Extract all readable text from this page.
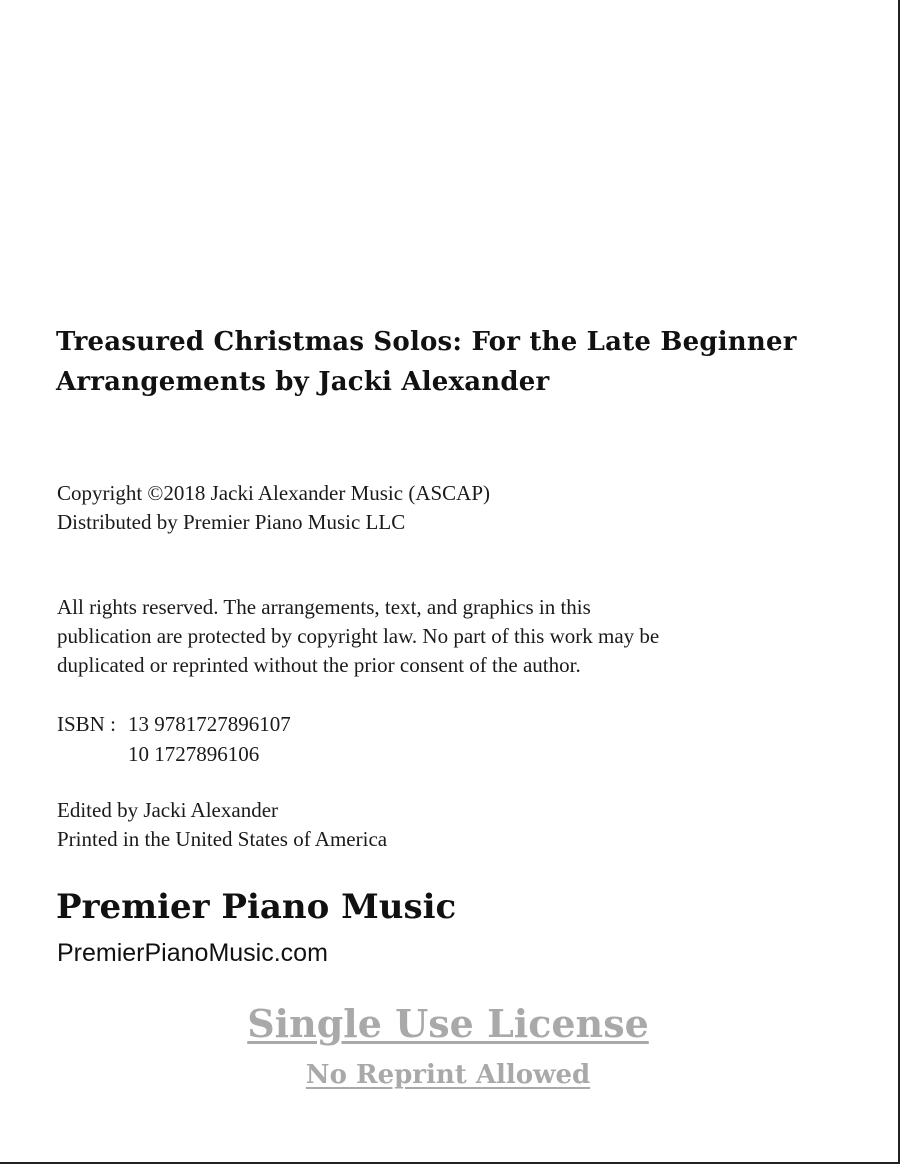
Treasured Christmas Solos: For the Late Beginner
Arrangements by Jacki Alexander
Copyright ©2018 Jacki Alexander Music (ASCAP)
Distributed by Premier Piano Music LLC
All rights reserved. The arrangements, text, and graphics in this
publication are protected by copyright law. No part of this work may be
duplicated or reprinted without the prior consent of the author.
ISBN : 13 9781727896107
10 1727896106
Edited by Jacki Alexander
Printed in the United States of America
Premier Piano Music
PremierPianoMusic.com
Single Use License
No Reprint Allowed
